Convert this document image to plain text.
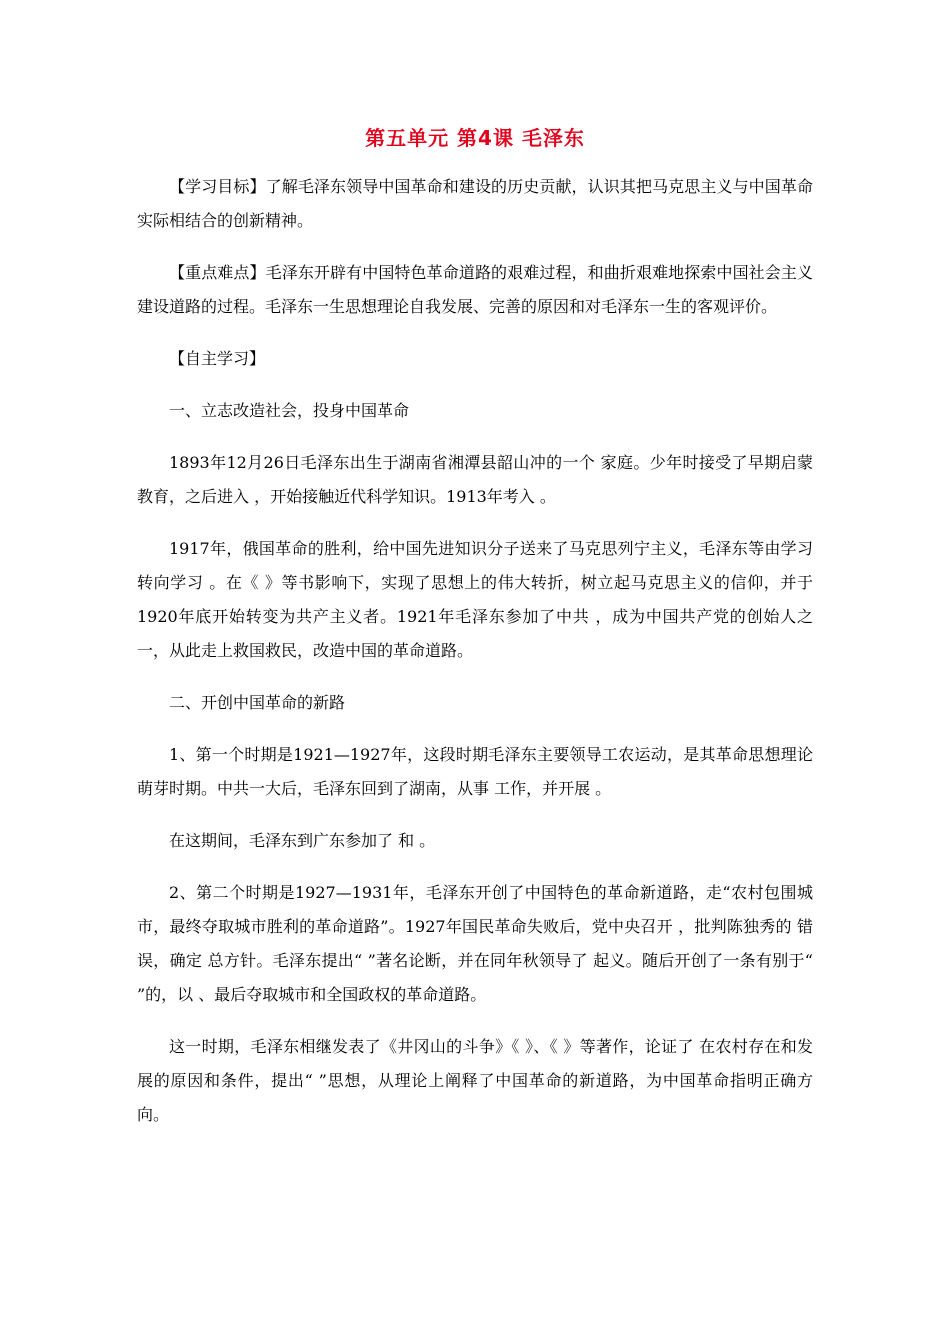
第五单元 第4课 毛泽东

【学习目标】了解毛泽东领导中国革命和建设的历史贡献，认识其把马克思主义与中国革命实际相结合的创新精神。

【重点难点】毛泽东开辟有中国特色革命道路的艰难过程，和曲折艰难地探索中国社会主义建设道路的过程。毛泽东一生思想理论自我发展、完善的原因和对毛泽东一生的客观评价。

【自主学习】

一、立志改造社会，投身中国革命

1893年12月26日毛泽东出生于湖南省湘潭县韶山冲的一个 家庭。少年时接受了早期启蒙教育，之后进入 ，开始接触近代科学知识。1913年考入 。

1917年，俄国革命的胜利，给中国先进知识分子送来了马克思列宁主义，毛泽东等由学习 转向学习 。在《 》等书影响下，实现了思想上的伟大转折，树立起马克思主义的信仰，并于1920年底开始转变为共产主义者。1921年毛泽东参加了中共 ，成为中国共产党的创始人之一，从此走上救国救民，改造中国的革命道路。

二、开创中国革命的新路

1、第一个时期是1921—1927年，这段时期毛泽东主要领导工农运动，是其革命思想理论萌芽时期。中共一大后，毛泽东回到了湖南，从事 工作，并开展 。

在这期间，毛泽东到广东参加了 和 。

2、第二个时期是1927—1931年，毛泽东开创了中国特色的革命新道路，走“农村包围城市，最终夺取城市胜利的革命道路”。1927年国民革命失败后，党中央召开 ，批判陈独秀的 错误，确定 总方针。毛泽东提出“ ”著名论断，并在同年秋领导了 起义。随后开创了一条有别于“ ”的，以 、最后夺取城市和全国政权的革命道路。

这一时期，毛泽东相继发表了《井冈山的斗争》《 》、《 》等著作，论证了 在农村存在和发展的原因和条件，提出“ ”思想，从理论上阐释了中国革命的新道路，为中国革命指明正确方向。
